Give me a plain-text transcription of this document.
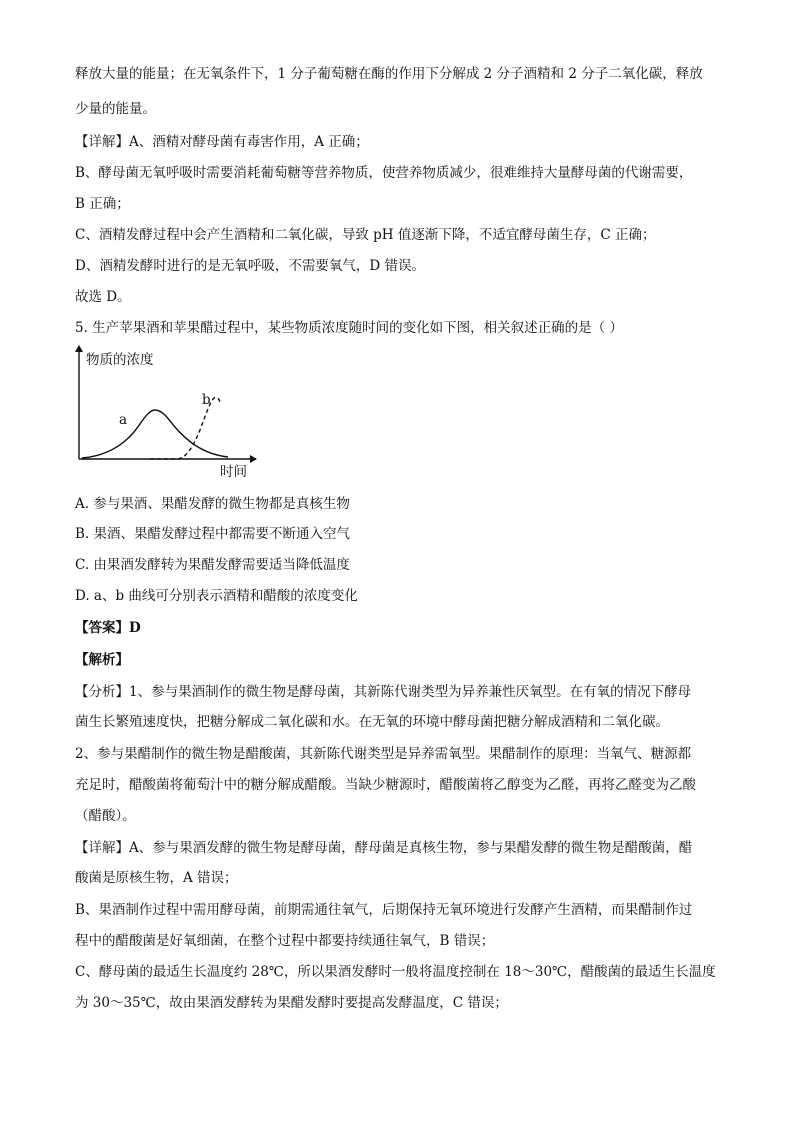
释放大量的能量；在无氧条件下，1 分子葡萄糖在酶的作用下分解成 2 分子酒精和 2 分子二氧化碳，释放
少量的能量。
【详解】A、酒精对酵母菌有毒害作用，A 正确；
B、酵母菌无氧呼吸时需要消耗葡萄糖等营养物质，使营养物质减少，很难维持大量酵母菌的代谢需要，
B 正确；
C、酒精发酵过程中会产生酒精和二氧化碳，导致 pH 值逐渐下降，不适宜酵母菌生存，C 正确；
D、酒精发酵时进行的是无氧呼吸，不需要氧气，D 错误。
故选 D。
5. 生产苹果酒和苹果醋过程中，某些物质浓度随时间的变化如下图，相关叙述正确的是（ ）
物质的浓度
时间
a
b
A. 参与果酒、果醋发酵的微生物都是真核生物
B. 果酒、果醋发酵过程中都需要不断通入空气
C. 由果酒发酵转为果醋发酵需要适当降低温度
D. a、b 曲线可分别表示酒精和醋酸的浓度变化
【答案】D
【解析】
【分析】1、参与果酒制作的微生物是酵母菌，其新陈代谢类型为异养兼性厌氧型。在有氧的情况下酵母
菌生长繁殖速度快，把糖分解成二氧化碳和水。在无氧的环境中酵母菌把糖分解成酒精和二氧化碳。
2、参与果醋制作的微生物是醋酸菌，其新陈代谢类型是异养需氧型。果醋制作的原理：当氧气、糖源都
充足时，醋酸菌将葡萄汁中的糖分解成醋酸。当缺少糖源时，醋酸菌将乙醇变为乙醛，再将乙醛变为乙酸
（醋酸）。
【详解】A、参与果酒发酵的微生物是酵母菌，酵母菌是真核生物，参与果醋发酵的微生物是醋酸菌，醋
酸菌是原核生物，A 错误；
B、果酒制作过程中需用酵母菌，前期需通往氧气，后期保持无氧环境进行发酵产生酒精，而果醋制作过
程中的醋酸菌是好氧细菌，在整个过程中都要持续通往氧气，B 错误；
C、酵母菌的最适生长温度约 28℃，所以果酒发酵时一般将温度控制在 18～30℃，醋酸菌的最适生长温度
为 30～35℃，故由果酒发酵转为果醋发酵时要提高发酵温度，C 错误；
